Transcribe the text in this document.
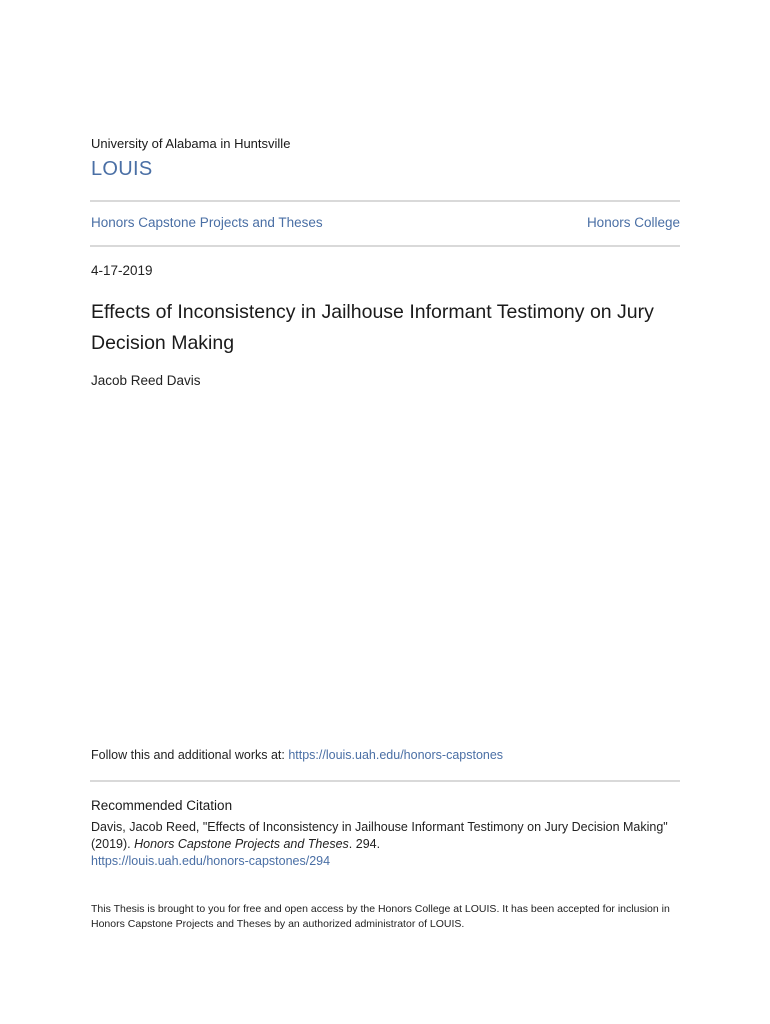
University of Alabama in Huntsville
LOUIS
Honors Capstone Projects and Theses	Honors College
4-17-2019
Effects of Inconsistency in Jailhouse Informant Testimony on Jury Decision Making
Jacob Reed Davis
Follow this and additional works at: https://louis.uah.edu/honors-capstones
Recommended Citation
Davis, Jacob Reed, "Effects of Inconsistency in Jailhouse Informant Testimony on Jury Decision Making" (2019). Honors Capstone Projects and Theses. 294.
https://louis.uah.edu/honors-capstones/294
This Thesis is brought to you for free and open access by the Honors College at LOUIS. It has been accepted for inclusion in Honors Capstone Projects and Theses by an authorized administrator of LOUIS.
